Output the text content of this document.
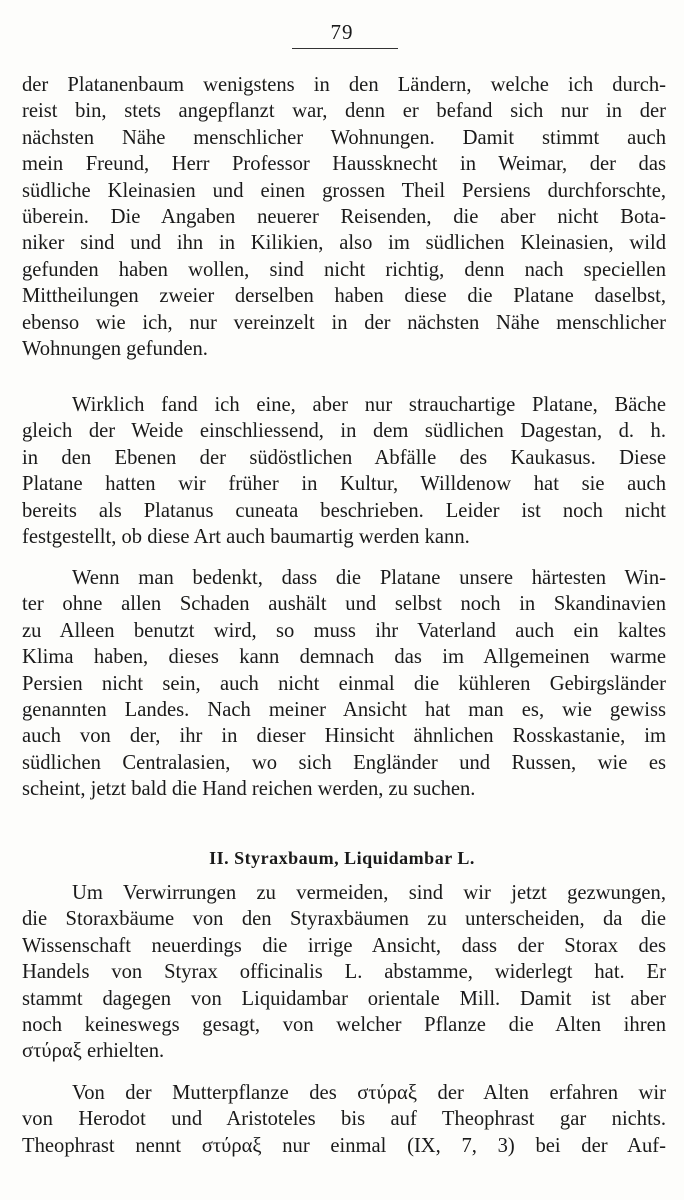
79
der Platanenbaum wenigstens in den Ländern, welche ich durch-
reist bin, stets angepflanzt war, denn er befand sich nur in der
nächsten Nähe menschlicher Wohnungen. Damit stimmt auch
mein Freund, Herr Professor Haussknecht in Weimar, der das
südliche Kleinasien und einen grossen Theil Persiens durchforschte,
überein. Die Angaben neuerer Reisenden, die aber nicht Bota-
niker sind und ihn in Kilikien, also im südlichen Kleinasien, wild
gefunden haben wollen, sind nicht richtig, denn nach speciellen
Mittheilungen zweier derselben haben diese die Platane daselbst,
ebenso wie ich, nur vereinzelt in der nächsten Nähe menschlicher
Wohnungen gefunden.
Wirklich fand ich eine, aber nur strauchartige Platane, Bäche
gleich der Weide einschliessend, in dem südlichen Dagestan, d. h.
in den Ebenen der südöstlichen Abfälle des Kaukasus. Diese
Platane hatten wir früher in Kultur, Willdenow hat sie auch
bereits als Platanus cuneata beschrieben. Leider ist noch nicht
festgestellt, ob diese Art auch baumartig werden kann.
Wenn man bedenkt, dass die Platane unsere härtesten Win-
ter ohne allen Schaden aushält und selbst noch in Skandinavien
zu Alleen benutzt wird, so muss ihr Vaterland auch ein kaltes
Klima haben, dieses kann demnach das im Allgemeinen warme
Persien nicht sein, auch nicht einmal die kühleren Gebirgsländer
genannten Landes. Nach meiner Ansicht hat man es, wie gewiss
auch von der, ihr in dieser Hinsicht ähnlichen Rosskastanie, im
südlichen Centralasien, wo sich Engländer und Russen, wie es
scheint, jetzt bald die Hand reichen werden, zu suchen.
II. Styraxbaum, Liquidambar L.
Um Verwirrungen zu vermeiden, sind wir jetzt gezwungen,
die Storaxbäume von den Styraxbäumen zu unterscheiden, da die
Wissenschaft neuerdings die irrige Ansicht, dass der Storax des
Handels von Styrax officinalis L. abstamme, widerlegt hat. Er
stammt dagegen von Liquidambar orientale Mill. Damit ist aber
noch keineswegs gesagt, von welcher Pflanze die Alten ihren
στύραξ erhielten.
Von der Mutterpflanze des στύραξ der Alten erfahren wir
von Herodot und Aristoteles bis auf Theophrast gar nichts.
Theophrast nennt στύραξ nur einmal (IX, 7, 3) bei der Auf-
